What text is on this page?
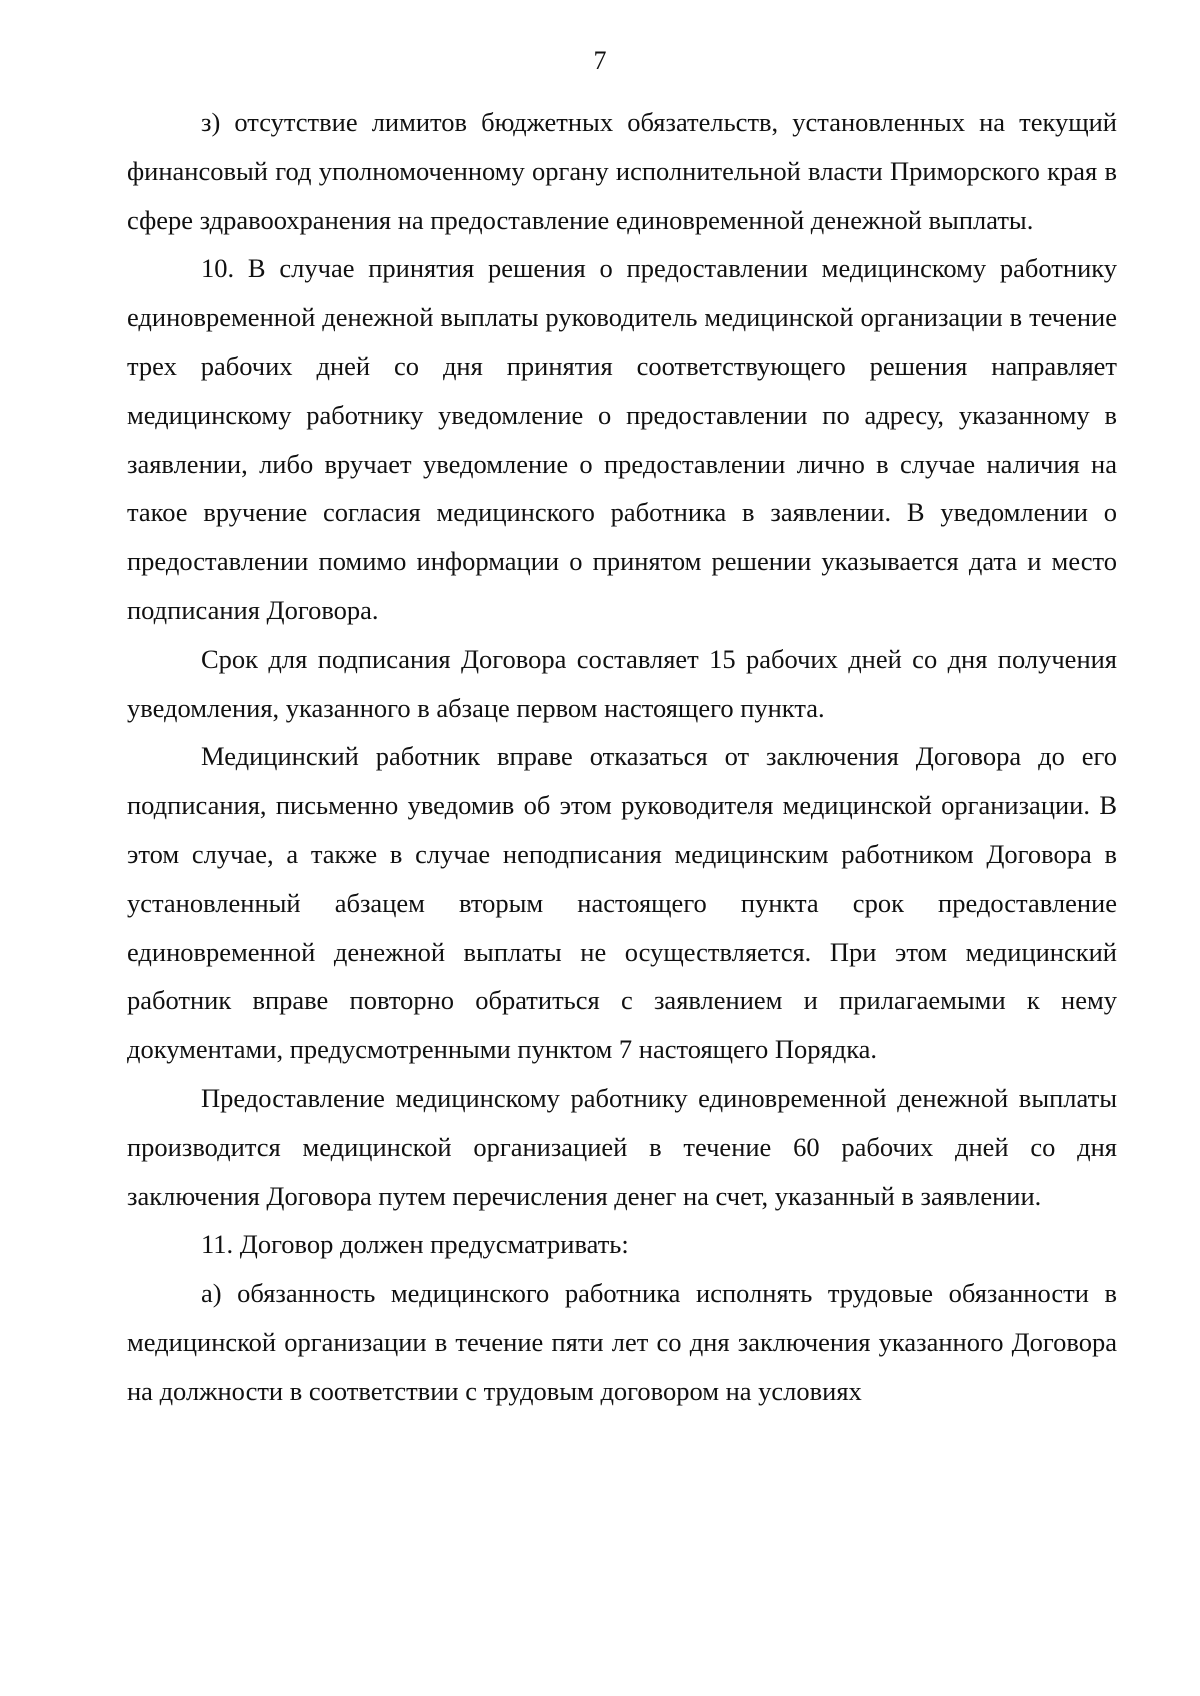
7

з) отсутствие лимитов бюджетных обязательств, установленных на текущий финансовый год уполномоченному органу исполнительной власти Приморского края в сфере здравоохранения на предоставление единовременной денежной выплаты.

10. В случае принятия решения о предоставлении медицинскому работнику единовременной денежной выплаты руководитель медицинской организации в течение трех рабочих дней со дня принятия соответствующего решения направляет медицинскому работнику уведомление о предоставлении по адресу, указанному в заявлении, либо вручает уведомление о предоставлении лично в случае наличия на такое вручение согласия медицинского работника в заявлении. В уведомлении о предоставлении помимо информации о принятом решении указывается дата и место подписания Договора.

Срок для подписания Договора составляет 15 рабочих дней со дня получения уведомления, указанного в абзаце первом настоящего пункта.

Медицинский работник вправе отказаться от заключения Договора до его подписания, письменно уведомив об этом руководителя медицинской организации. В этом случае, а также в случае неподписания медицинским работником Договора в установленный абзацем вторым настоящего пункта срок предоставление единовременной денежной выплаты не осуществляется. При этом медицинский работник вправе повторно обратиться с заявлением и прилагаемыми к нему документами, предусмотренными пунктом 7 настоящего Порядка.

Предоставление медицинскому работнику единовременной денежной выплаты производится медицинской организацией в течение 60 рабочих дней со дня заключения Договора путем перечисления денег на счет, указанный в заявлении.

11. Договор должен предусматривать:

а) обязанность медицинского работника исполнять трудовые обязанности в медицинской организации в течение пяти лет со дня заключения указанного Договора на должности в соответствии с трудовым договором на условиях
